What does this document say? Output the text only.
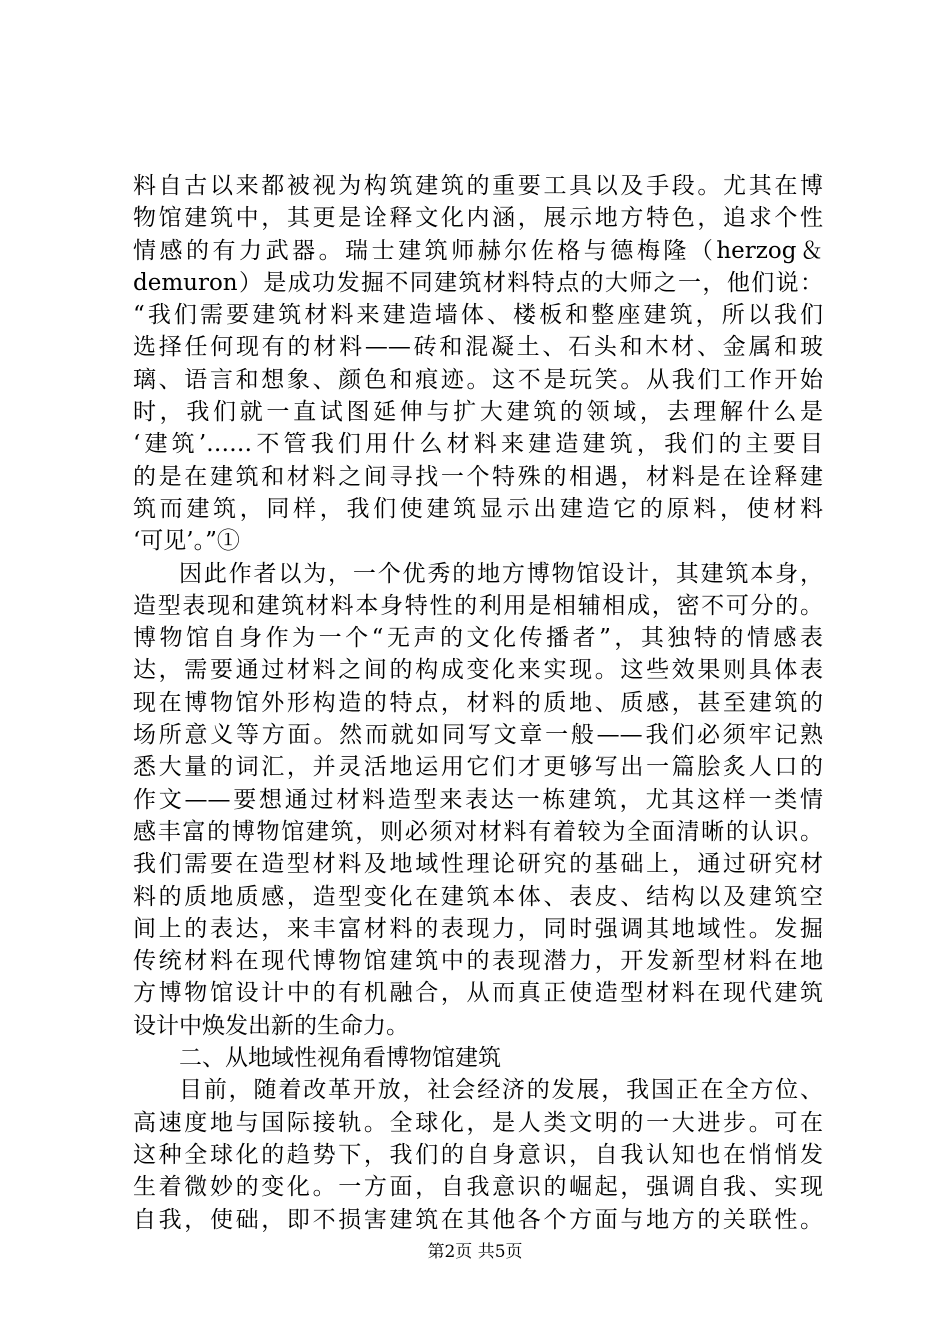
料自古以来都被视为构筑建筑的重要工具以及手段。尤其在博
物馆建筑中，其更是诠释文化内涵，展示地方特色，追求个性
情感的有力武器。瑞士建筑师赫尔佐格与德梅隆（herzog＆
demuron）是成功发掘不同建筑材料特点的大师之一，他们说：
“我们需要建筑材料来建造墙体、楼板和整座建筑，所以我们
选择任何现有的材料——砖和混凝土、石头和木材、金属和玻
璃、语言和想象、颜色和痕迹。这不是玩笑。从我们工作开始
时，我们就一直试图延伸与扩大建筑的领域，去理解什么是
‘建筑’……不管我们用什么材料来建造建筑，我们的主要目
的是在建筑和材料之间寻找一个特殊的相遇，材料是在诠释建
筑而建筑，同样，我们使建筑显示出建造它的原料，使材料
‘可见’。”①
因此作者以为，一个优秀的地方博物馆设计，其建筑本身，
造型表现和建筑材料本身特性的利用是相辅相成，密不可分的。
博物馆自身作为一个“无声的文化传播者”，其独特的情感表
达，需要通过材料之间的构成变化来实现。这些效果则具体表
现在博物馆外形构造的特点，材料的质地、质感，甚至建筑的
场所意义等方面。然而就如同写文章一般——我们必须牢记熟
悉大量的词汇，并灵活地运用它们才更够写出一篇脍炙人口的
作文——要想通过材料造型来表达一栋建筑，尤其这样一类情
感丰富的博物馆建筑，则必须对材料有着较为全面清晰的认识。
我们需要在造型材料及地域性理论研究的基础上，通过研究材
料的质地质感，造型变化在建筑本体、表皮、结构以及建筑空
间上的表达，来丰富材料的表现力，同时强调其地域性。发掘
传统材料在现代博物馆建筑中的表现潜力，开发新型材料在地
方博物馆设计中的有机融合，从而真正使造型材料在现代建筑
设计中焕发出新的生命力。
二、从地域性视角看博物馆建筑
目前，随着改革开放，社会经济的发展，我国正在全方位、
高速度地与国际接轨。全球化，是人类文明的一大进步。可在
这种全球化的趋势下，我们的自身意识，自我认知也在悄悄发
生着微妙的变化。一方面，自我意识的崛起，强调自我、实现
自我，使础，即不损害建筑在其他各个方面与地方的关联性。
第2页 共5页
